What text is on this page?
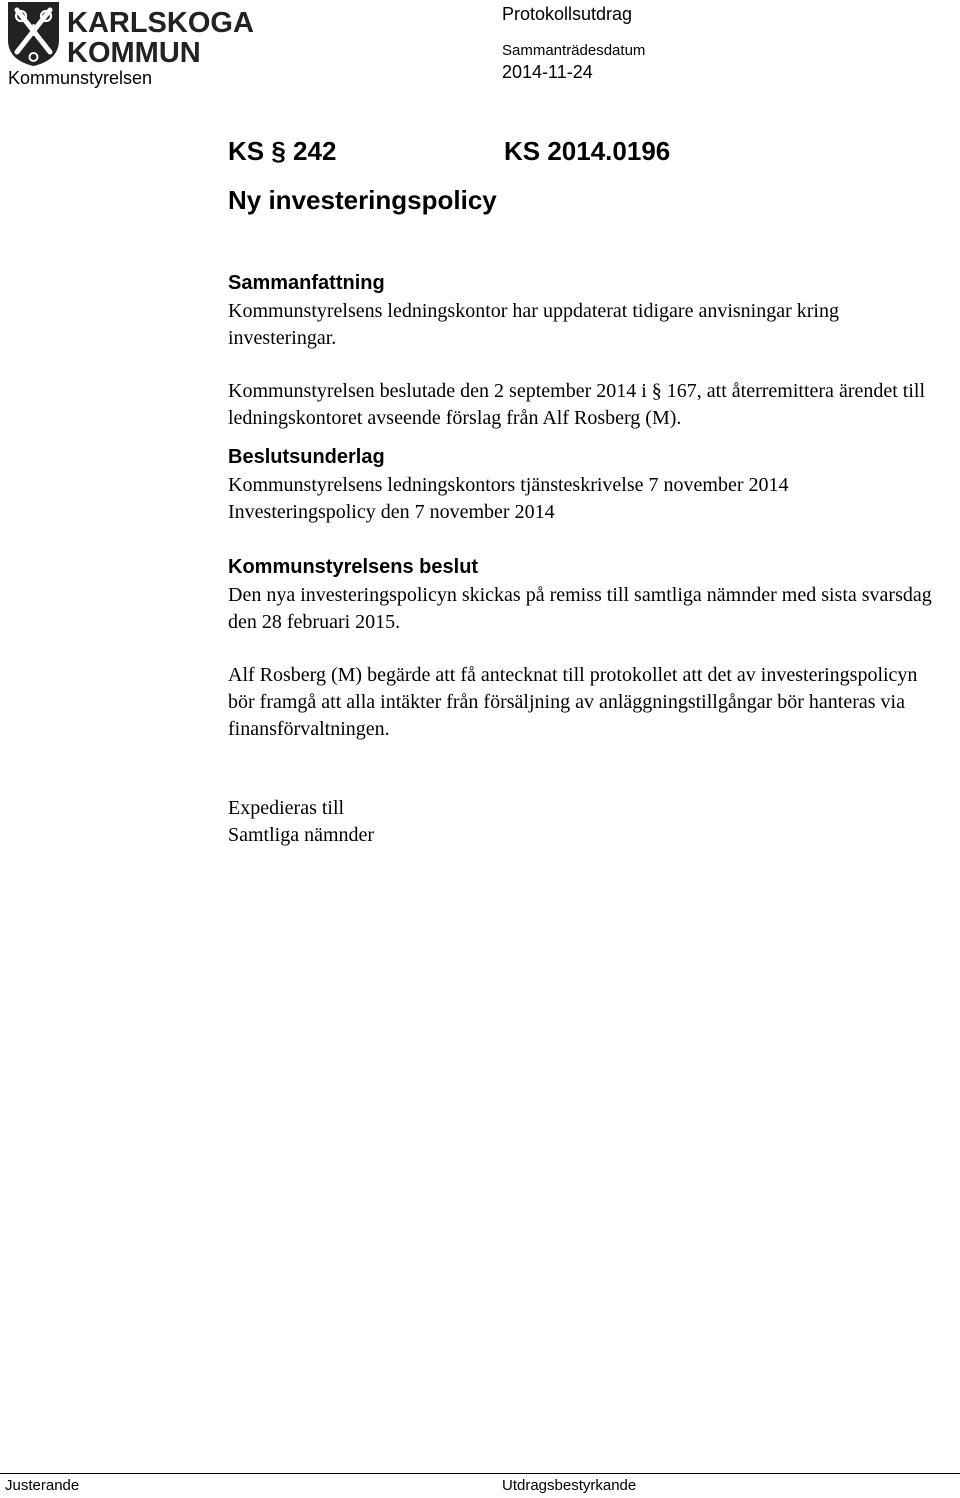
KARLSKOGA
KOMMUN
Kommunstyrelsen
Protokollsutdrag
Sammanträdesdatum
2014-11-24
KS § 242	KS 2014.0196
Ny investeringspolicy

Sammanfattning

Kommunstyrelsens ledningskontor har uppdaterat tidigare anvisningar kring investeringar.

Kommunstyrelsen beslutade den 2 september 2014 i § 167, att återremittera ärendet till ledningskontoret avseende förslag från Alf Rosberg (M).

Beslutsunderlag

Kommunstyrelsens ledningskontors tjänsteskrivelse 7 november 2014

Investeringspolicy den 7 november 2014

Kommunstyrelsens beslut

Den nya investeringspolicyn skickas på remiss till samtliga nämnder med sista svarsdag den 28 februari 2015.

Alf Rosberg (M) begärde att få antecknat till protokollet att det av investeringspolicyn bör framgå att alla intäkter från försäljning av anläggningstillgångar bör hanteras via finansförvaltningen.

Expedieras till

Samtliga nämnder

Justerande	Utdragsbestyrkande
